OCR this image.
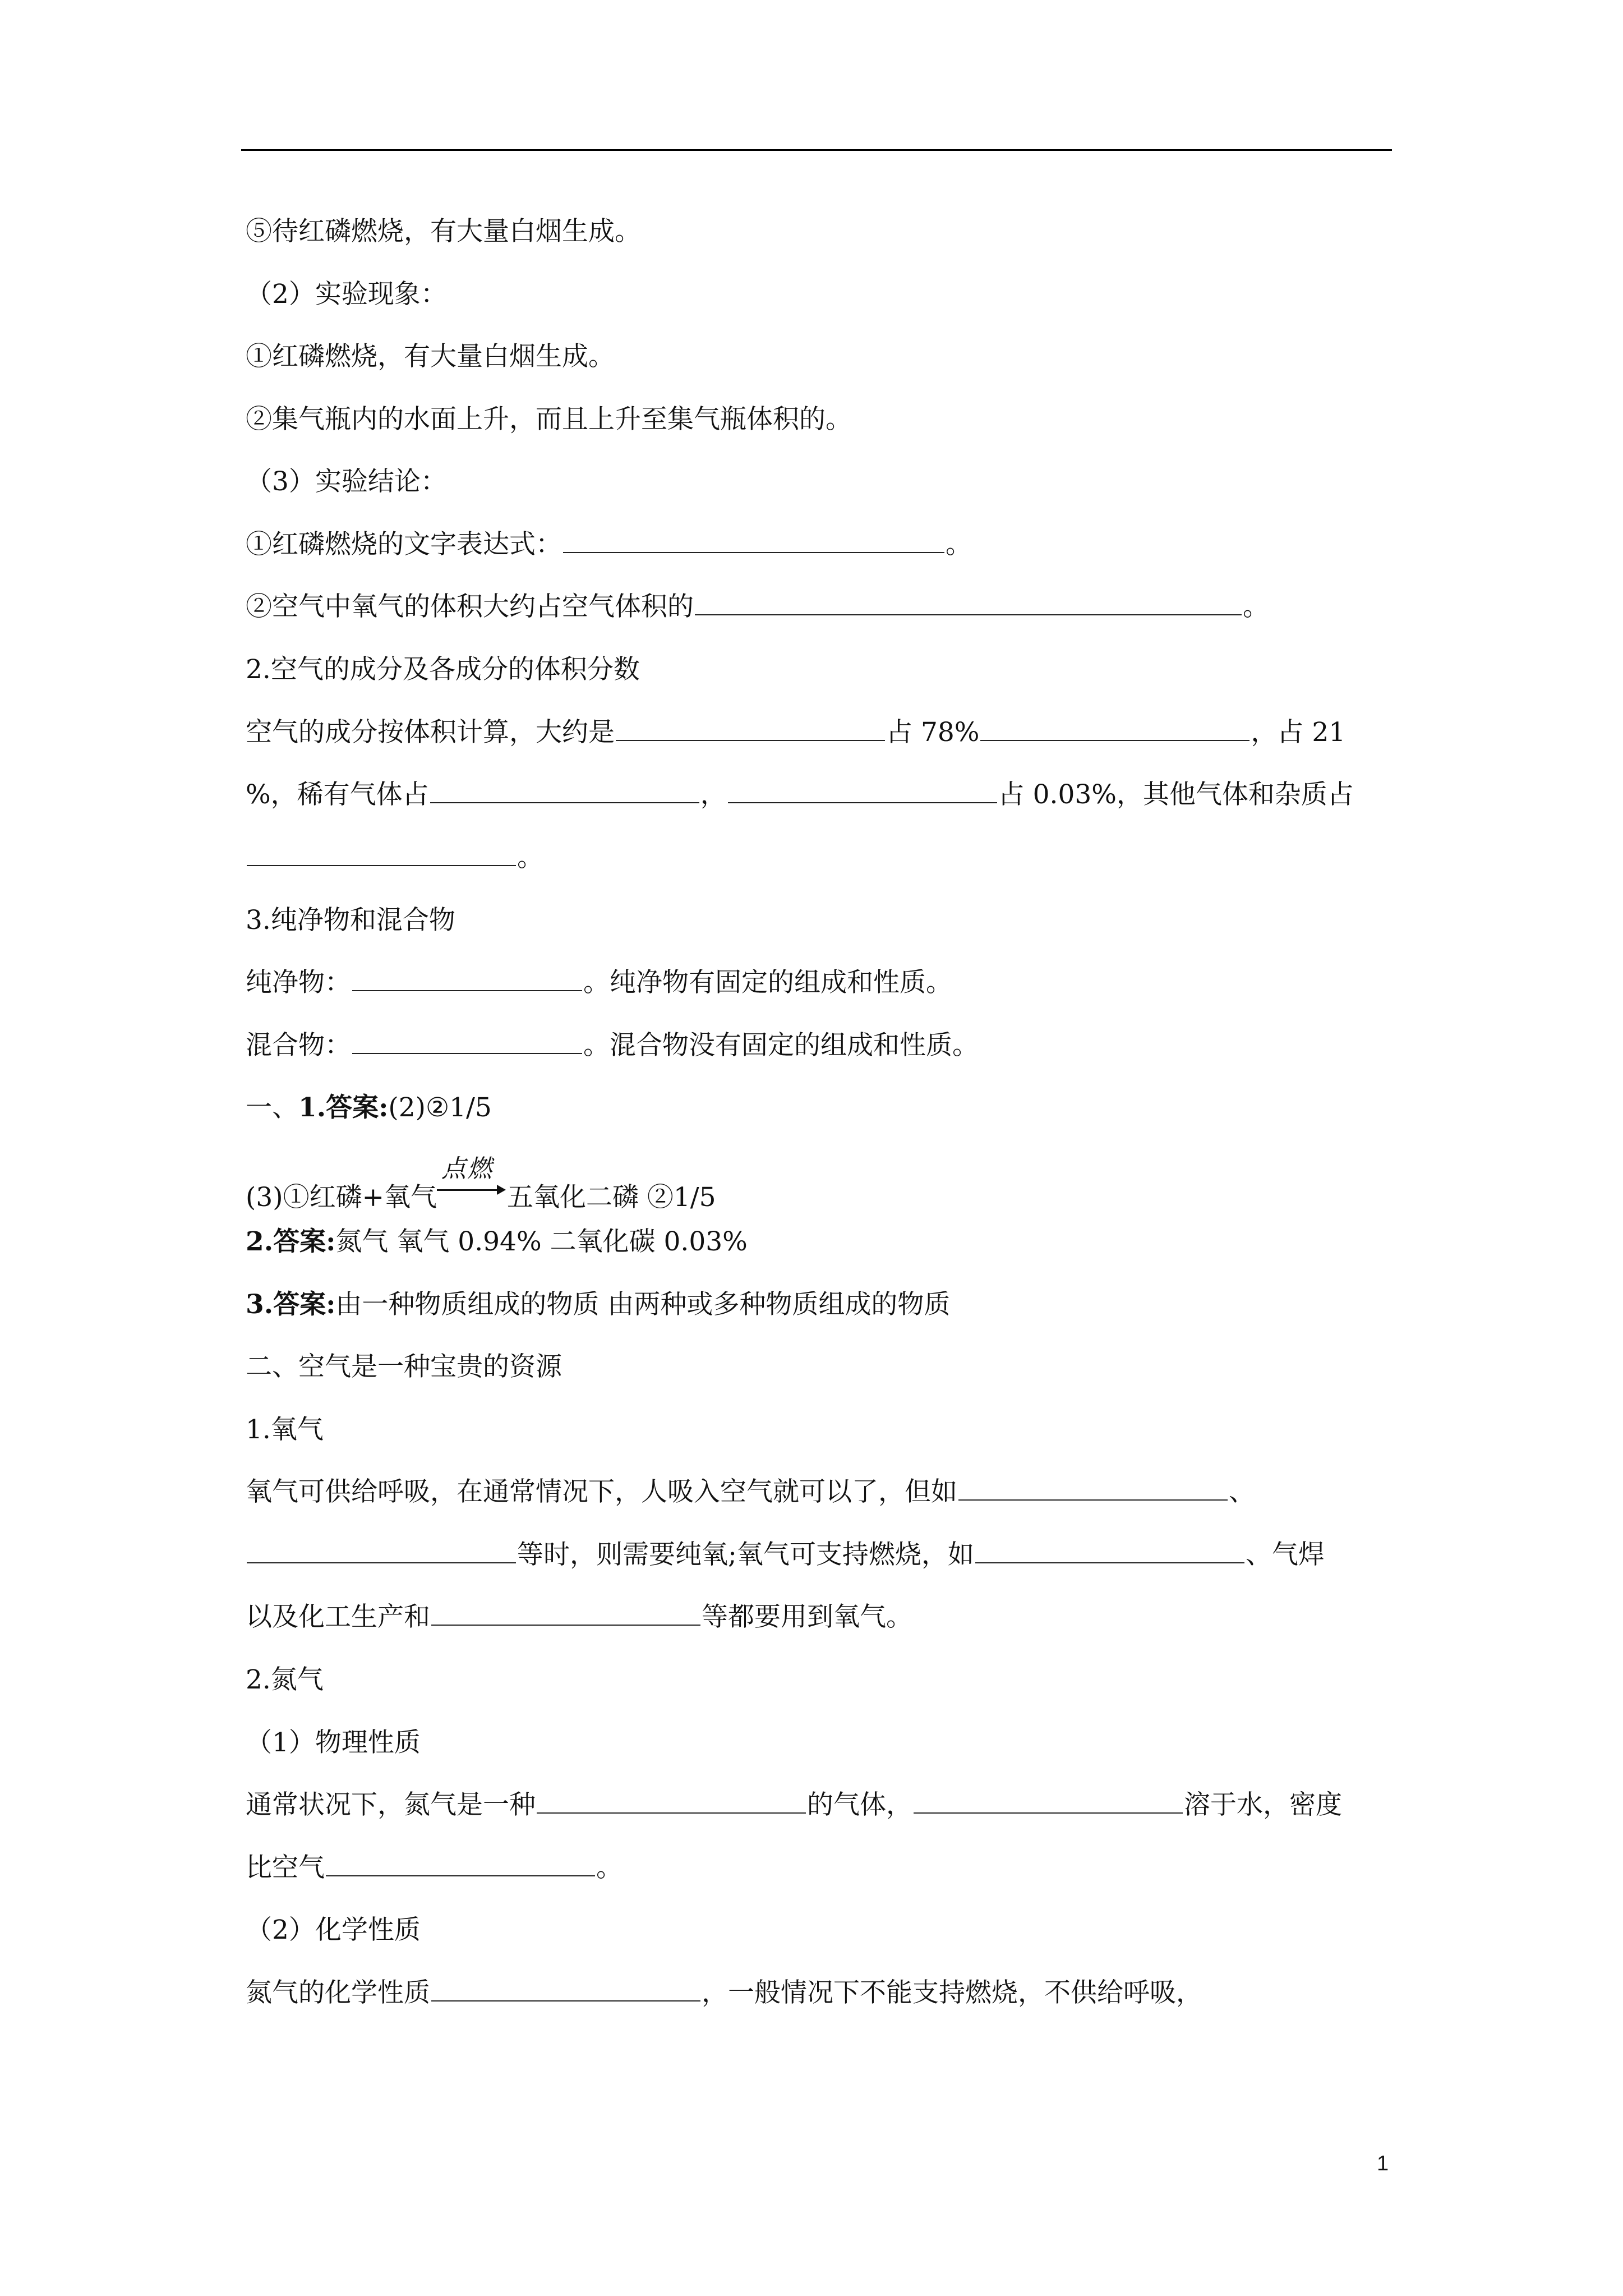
⑤待红磷燃烧，有大量白烟生成。
（2）实验现象：
①红磷燃烧，有大量白烟生成。
②集气瓶内的水面上升，而且上升至集气瓶体积的。
（3）实验结论：
①红磷燃烧的文字表达式：	。
②空气中氧气的体积大约占空气体积的	。
2.空气的成分及各成分的体积分数
空气的成分按体积计算，大约是	占 78%	，占 21
%，稀有气体占	，	占 0.03%，其他气体和杂质占
。
3.纯净物和混合物
纯净物：	。纯净物有固定的组成和性质。
混合物：	。混合物没有固定的组成和性质。
一、1.答案:(2)②1/5
(3)①红磷+氧气
点燃
五氧化二磷 ②1/5
2.答案:氮气 氧气 0.94% 二氧化碳 0.03%
3.答案:由一种物质组成的物质 由两种或多种物质组成的物质
二、空气是一种宝贵的资源
1.氧气
氧气可供给呼吸，在通常情况下，人吸入空气就可以了，但如	、
等时，则需要纯氧;氧气可支持燃烧，如	、气焊
以及化工生产和	等都要用到氧气。
2.氮气
（1）物理性质
通常状况下，氮气是一种	的气体，	溶于水，密度
比空气	。
（2）化学性质
氮气的化学性质	，一般情况下不能支持燃烧，不供给呼吸，
1
